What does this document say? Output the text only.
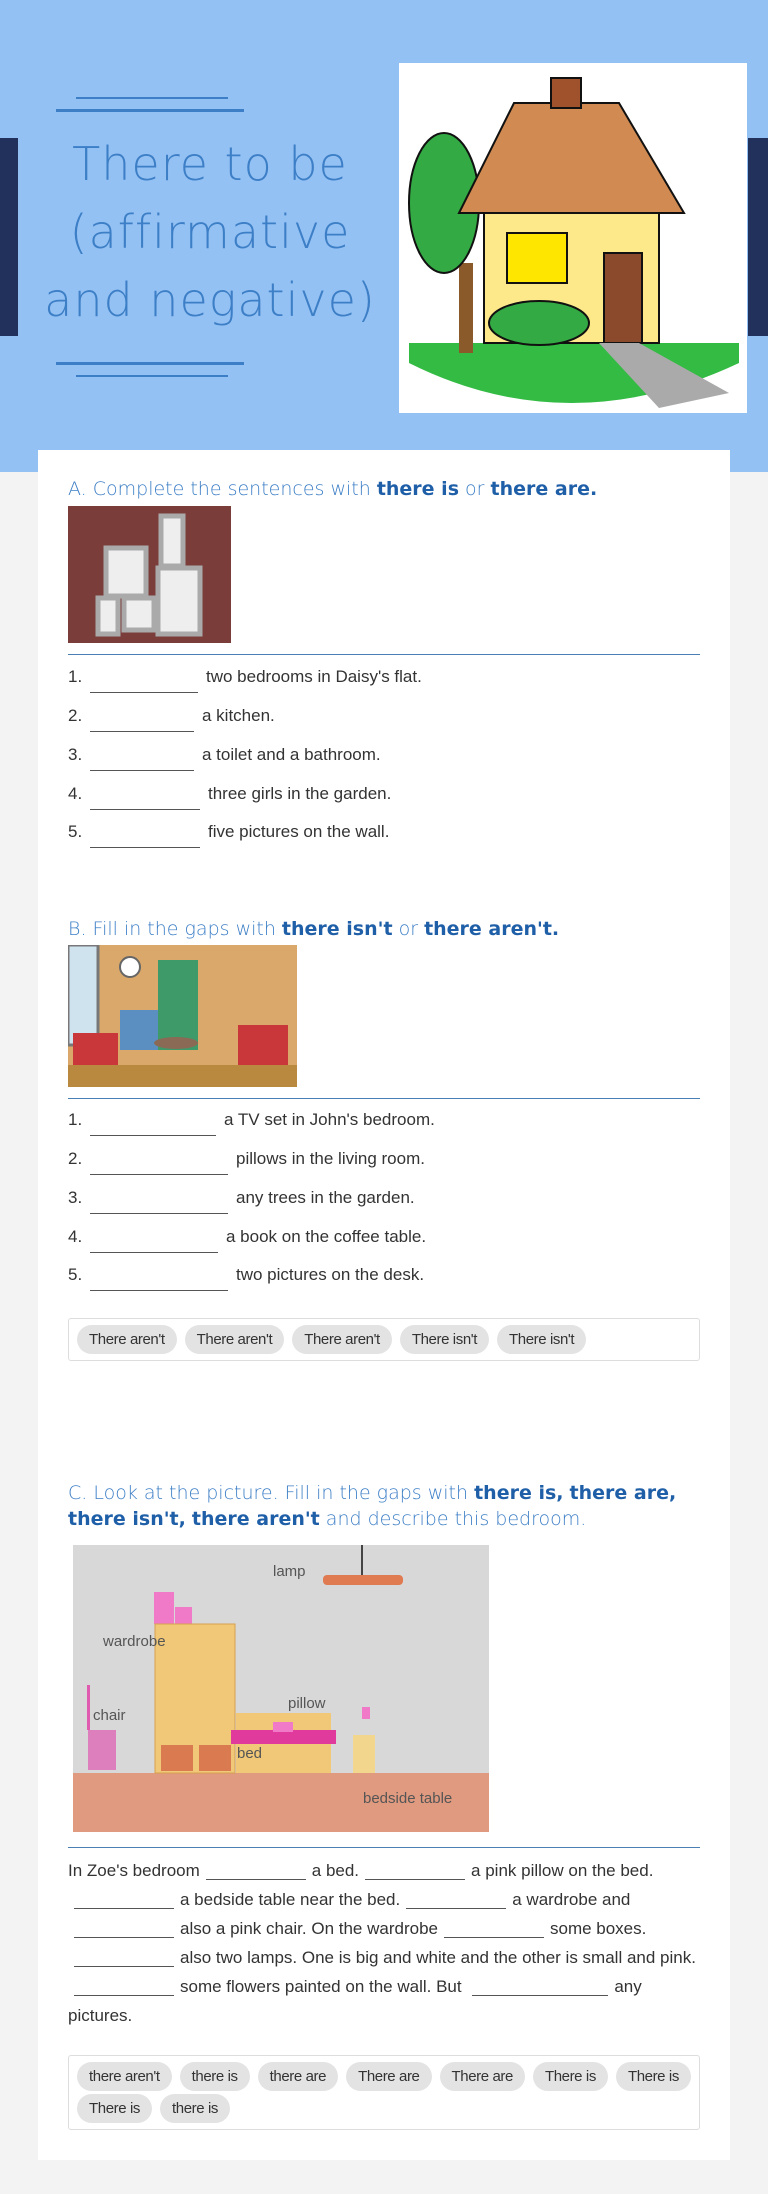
There to be
(affirmative
and negative)
A. Complete the sentences with there is or there are.
1.	two bedrooms in Daisy's flat.
2.	a kitchen.
3.	a toilet and a bathroom.
4.	three girls in the garden.
5.	five pictures on the wall.
B. Fill in the gaps with there isn't or there aren't.
1.	a TV set in John's bedroom.
2.	pillows in the living room.
3.	any trees in the garden.
4.	a book on the coffee table.
5.	two pictures on the desk.
There aren't	There aren't	There aren't	There isn't	There isn't
C. Look at the picture. Fill in the gaps with there is, there are, there isn't, there aren't and describe this bedroom.
lamp
wardrobe
chair
pillow
bed
bedside table
In Zoe's bedroom	a bed.	a pink pillow on the bed. a bedside table near the bed.	a wardrobe and also a pink chair. On the wardrobe	some boxes. also two lamps. One is big and white and the other is small and pink.some flowers painted on the wall. But	any pictures.
there aren't	there is	there are	There are	There are	There is	There is
There is	there is
